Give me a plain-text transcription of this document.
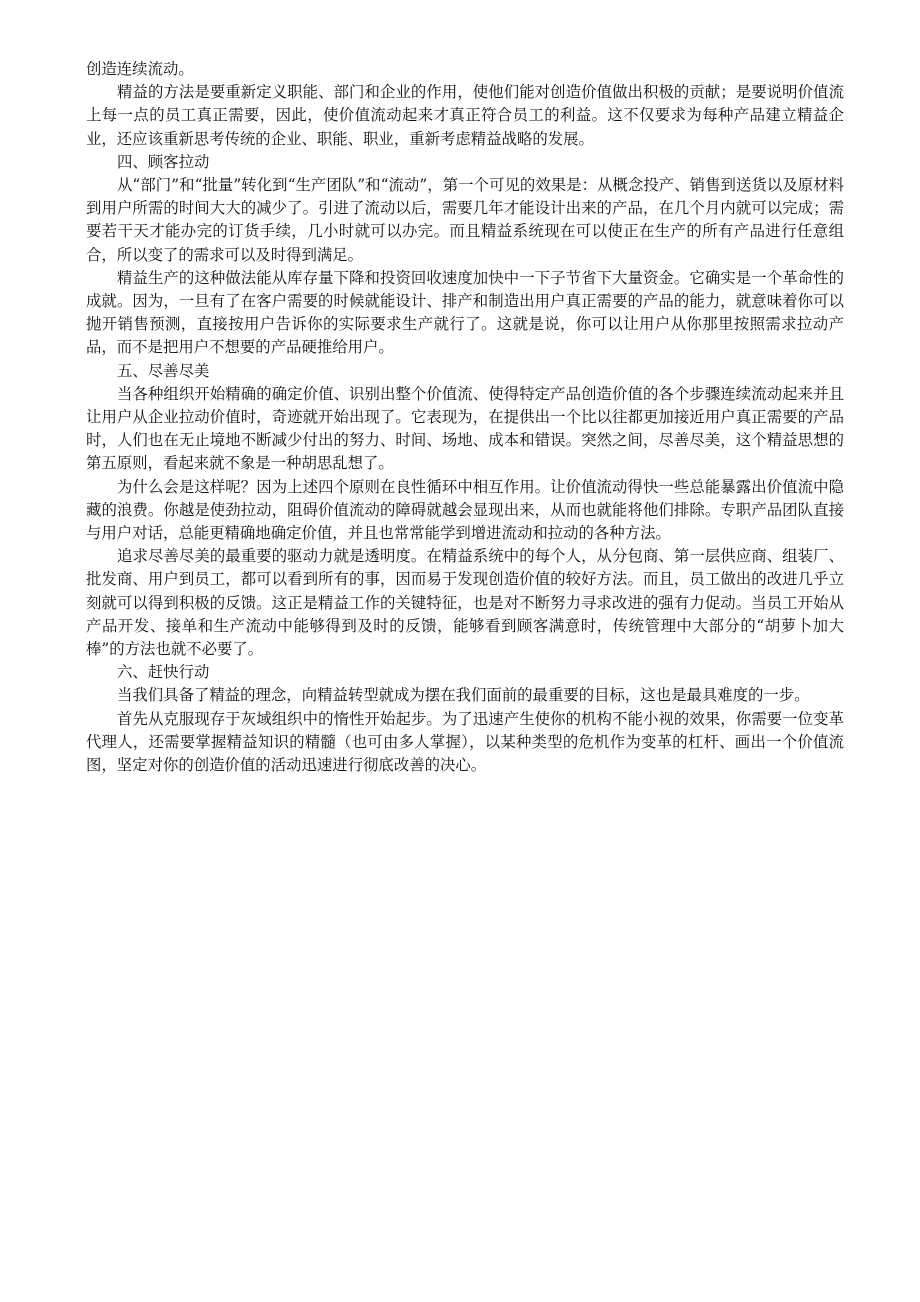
创造连续流动。

精益的方法是要重新定义职能、部门和企业的作用，使他们能对创造价值做出积极的贡献；是要说明价值流上每一点的员工真正需要，因此，使价值流动起来才真正符合员工的利益。这不仅要求为每种产品建立精益企业，还应该重新思考传统的企业、职能、职业，重新考虑精益战略的发展。

四、顾客拉动

从“部门”和“批量”转化到“生产团队”和“流动”，第一个可见的效果是：从概念投产、销售到送货以及原材料到用户所需的时间大大的减少了。引进了流动以后，需要几年才能设计出来的产品，在几个月内就可以完成；需要若干天才能办完的订货手续，几小时就可以办完。而且精益系统现在可以使正在生产的所有产品进行任意组合，所以变了的需求可以及时得到满足。

精益生产的这种做法能从库存量下降和投资回收速度加快中一下子节省下大量资金。它确实是一个革命性的成就。因为，一旦有了在客户需要的时候就能设计、排产和制造出用户真正需要的产品的能力，就意味着你可以抛开销售预测，直接按用户告诉你的实际要求生产就行了。这就是说，你可以让用户从你那里按照需求拉动产品，而不是把用户不想要的产品硬推给用户。

五、尽善尽美

当各种组织开始精确的确定价值、识别出整个价值流、使得特定产品创造价值的各个步骤连续流动起来并且让用户从企业拉动价值时，奇迹就开始出现了。它表现为，在提供出一个比以往都更加接近用户真正需要的产品时，人们也在无止境地不断减少付出的努力、时间、场地、成本和错误。突然之间，尽善尽美，这个精益思想的第五原则，看起来就不象是一种胡思乱想了。

为什么会是这样呢？因为上述四个原则在良性循环中相互作用。让价值流动得快一些总能暴露出价值流中隐藏的浪费。你越是使劲拉动，阻碍价值流动的障碍就越会显现出来，从而也就能将他们排除。专职产品团队直接与用户对话，总能更精确地确定价值，并且也常常能学到增进流动和拉动的各种方法。

追求尽善尽美的最重要的驱动力就是透明度。在精益系统中的每个人，从分包商、第一层供应商、组装厂、批发商、用户到员工，都可以看到所有的事，因而易于发现创造价值的较好方法。而且，员工做出的改进几乎立刻就可以得到积极的反馈。这正是精益工作的关键特征，也是对不断努力寻求改进的强有力促动。当员工开始从产品开发、接单和生产流动中能够得到及时的反馈，能够看到顾客满意时，传统管理中大部分的“胡萝卜加大棒”的方法也就不必要了。

六、赶快行动

当我们具备了精益的理念，向精益转型就成为摆在我们面前的最重要的目标，这也是最具难度的一步。

首先从克服现存于灰域组织中的惰性开始起步。为了迅速产生使你的机构不能小视的效果，你需要一位变革代理人，还需要掌握精益知识的精髓（也可由多人掌握），以某种类型的危机作为变革的杠杆、画出一个价值流图，坚定对你的创造价值的活动迅速进行彻底改善的决心。
